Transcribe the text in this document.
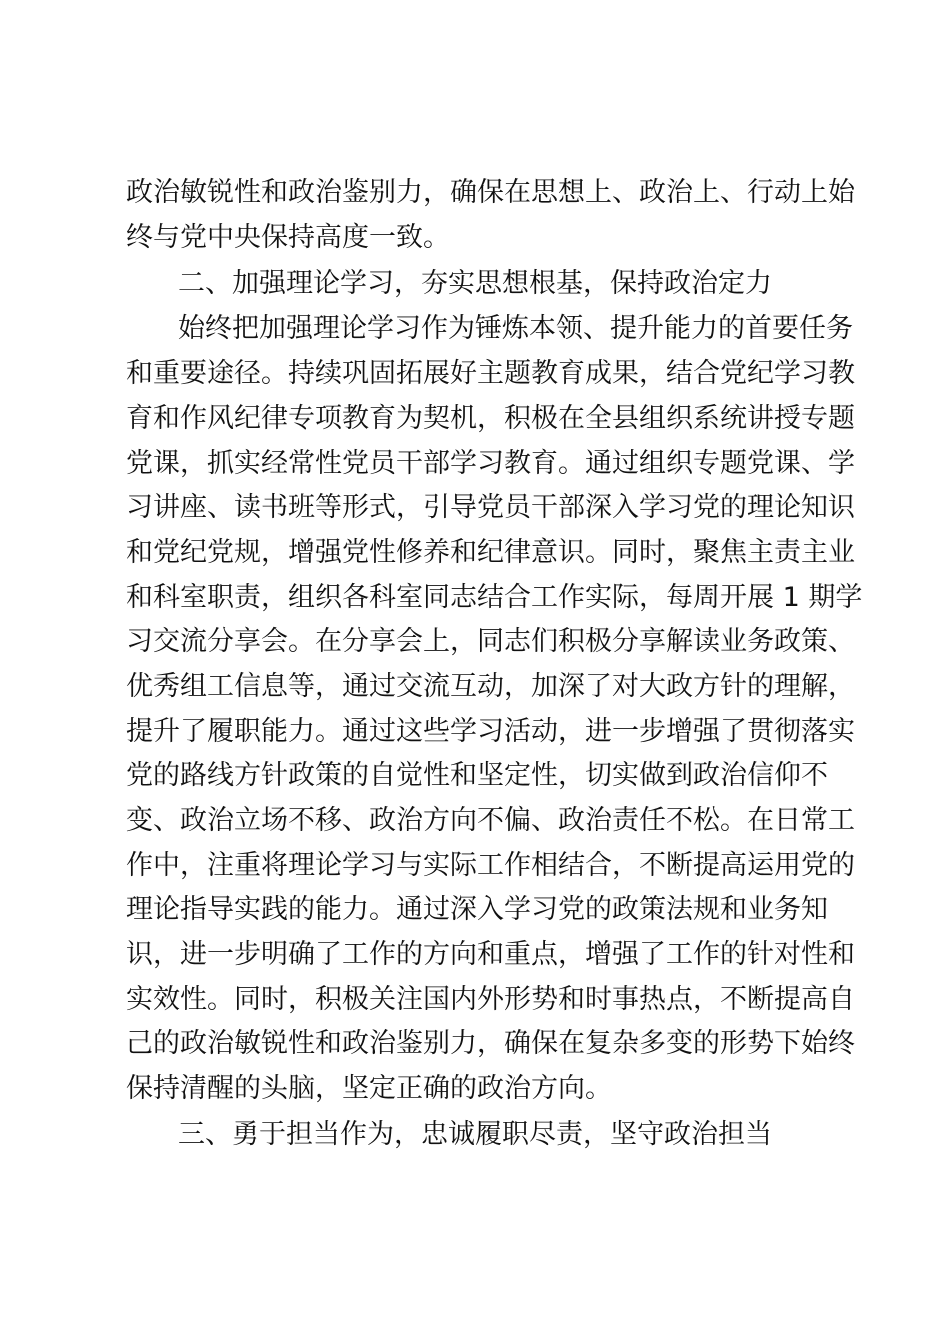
政治敏锐性和政治鉴别力，确保在思想上、政治上、行动上始
终与党中央保持高度一致。
二、加强理论学习，夯实思想根基，保持政治定力
始终把加强理论学习作为锤炼本领、提升能力的首要任务
和重要途径。持续巩固拓展好主题教育成果，结合党纪学习教
育和作风纪律专项教育为契机，积极在全县组织系统讲授专题
党课，抓实经常性党员干部学习教育。通过组织专题党课、学
习讲座、读书班等形式，引导党员干部深入学习党的理论知识
和党纪党规，增强党性修养和纪律意识。同时，聚焦主责主业
和科室职责，组织各科室同志结合工作实际，每周开展 1 期学
习交流分享会。在分享会上，同志们积极分享解读业务政策、
优秀组工信息等，通过交流互动，加深了对大政方针的理解，
提升了履职能力。通过这些学习活动，进一步增强了贯彻落实
党的路线方针政策的自觉性和坚定性，切实做到政治信仰不
变、政治立场不移、政治方向不偏、政治责任不松。在日常工
作中，注重将理论学习与实际工作相结合，不断提高运用党的
理论指导实践的能力。通过深入学习党的政策法规和业务知
识，进一步明确了工作的方向和重点，增强了工作的针对性和
实效性。同时，积极关注国内外形势和时事热点，不断提高自
己的政治敏锐性和政治鉴别力，确保在复杂多变的形势下始终
保持清醒的头脑，坚定正确的政治方向。
三、勇于担当作为，忠诚履职尽责，坚守政治担当
